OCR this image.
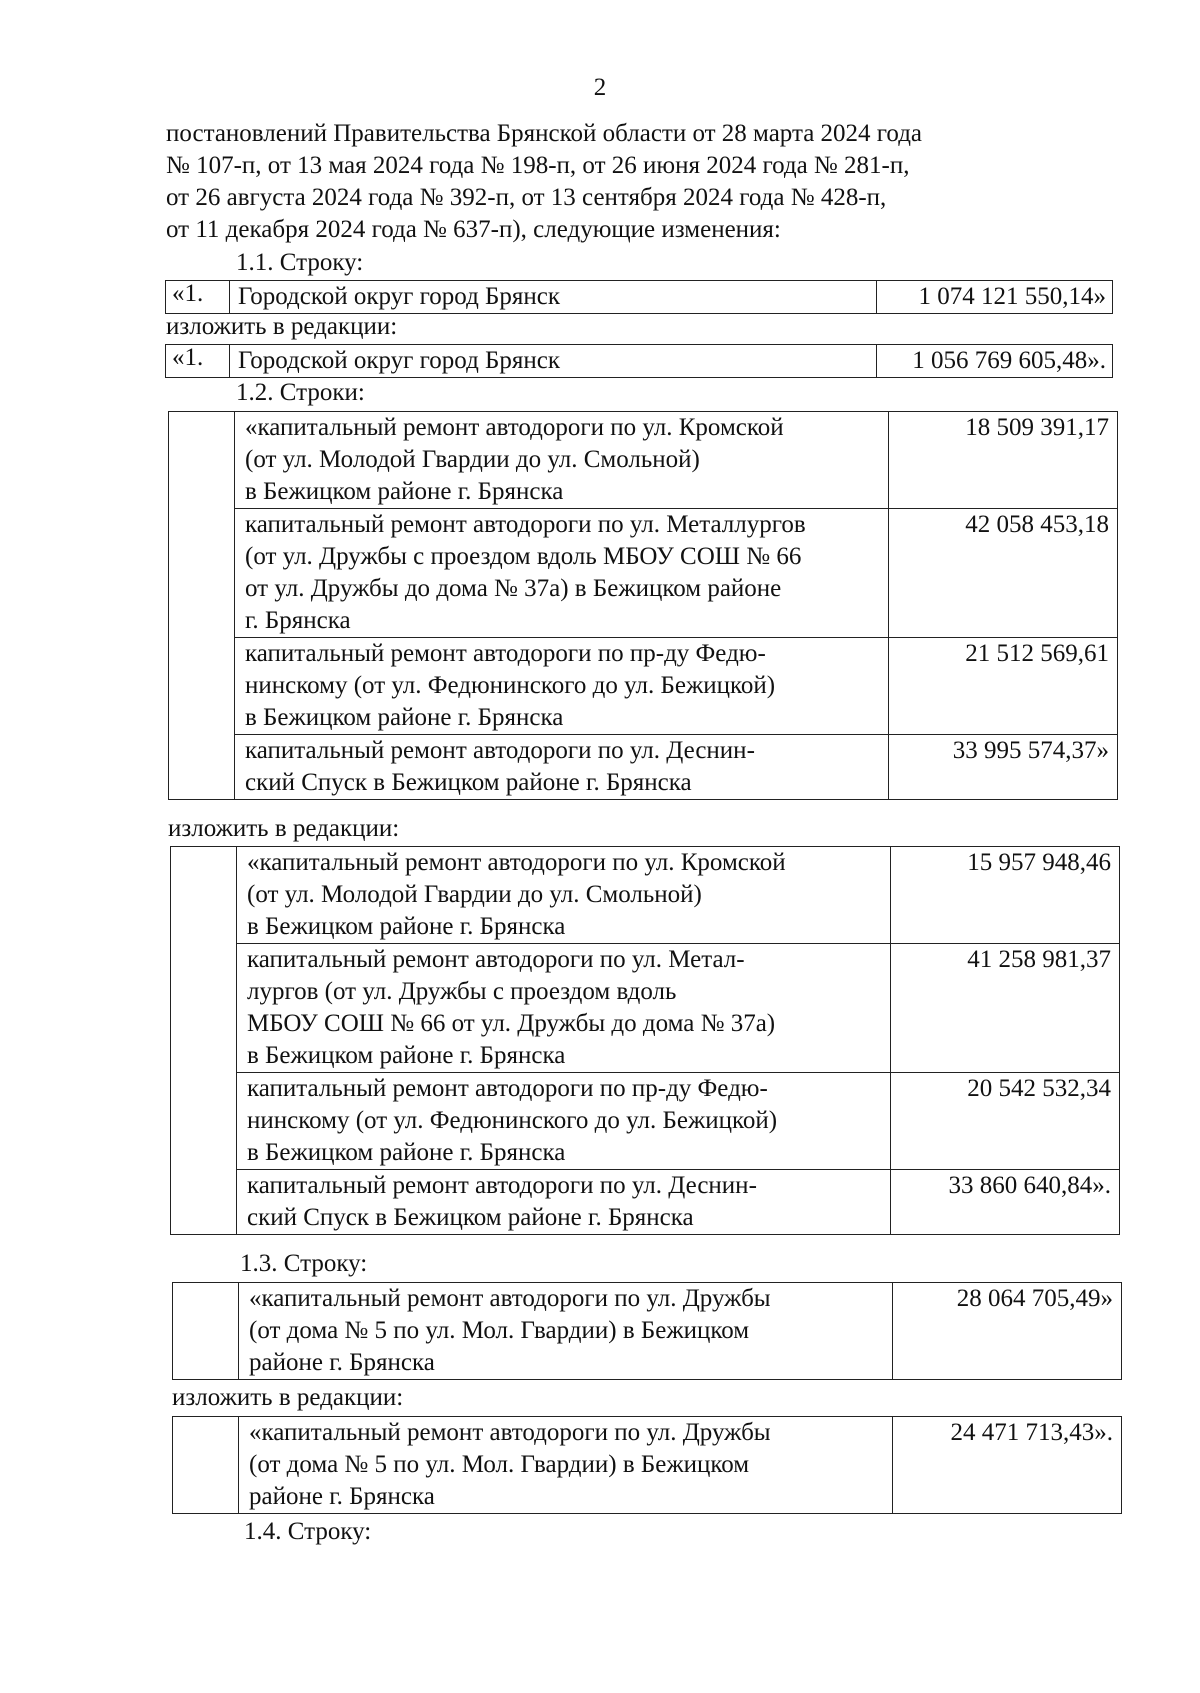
2

постановлений Правительства Брянской области от 28 марта 2024 года

№ 107-п, от 13 мая 2024 года № 198-п, от 26 июня 2024 года № 281-п,

от 26 августа 2024 года № 392-п, от 13 сентября 2024 года № 428-п,

от 11 декабря 2024 года № 637-п), следующие изменения:

1.1. Строку:
«1.	Городской округ город Брянск	1 074 121 550,14»
изложить в редакции:
«1.	Городской округ город Брянск	1 056 769 605,48».
1.2. Строки:

	«капитальный ремонт автодороги по ул. Кромской
(от ул. Молодой Гвардии до ул. Смольной)
в Бежицком районе г. Брянска	18 509 391,17

	капитальный ремонт автодороги по ул. Металлургов
(от ул. Дружбы с проездом вдоль МБОУ СОШ № 66
от ул. Дружбы до дома № 37а) в Бежицком районе
г. Брянска	42 058 453,18

	капитальный ремонт автодороги по пр-ду Федю-
нинскому (от ул. Федюнинского до ул. Бежицкой)
в Бежицком районе г. Брянска	21 512 569,61

	капитальный ремонт автодороги по ул. Деснин-
ский Спуск в Бежицком районе г. Брянска	33 995 574,37»
изложить в редакции:

	«капитальный ремонт автодороги по ул. Кромской
(от ул. Молодой Гвардии до ул. Смольной)
в Бежицком районе г. Брянска	15 957 948,46

	капитальный ремонт автодороги по ул. Метал-
лургов (от ул. Дружбы с проездом вдоль
МБОУ СОШ № 66 от ул. Дружбы до дома № 37а)
в Бежицком районе г. Брянска	41 258 981,37

	капитальный ремонт автодороги по пр-ду Федю-
нинскому (от ул. Федюнинского до ул. Бежицкой)
в Бежицком районе г. Брянска	20 542 532,34

	капитальный ремонт автодороги по ул. Деснин-
ский Спуск в Бежицком районе г. Брянска	33 860 640,84».
1.3. Строку:

«капитальный ремонт автодороги по ул. Дружбы
(от дома № 5 по ул. Мол. Гвардии) в Бежицком
районе г. Брянска
	28 064 705,49»
изложить в редакции:

«капитальный ремонт автодороги по ул. Дружбы
(от дома № 5 по ул. Мол. Гвардии) в Бежицком
районе г. Брянска
	24 471 713,43».
1.4. Строку:
